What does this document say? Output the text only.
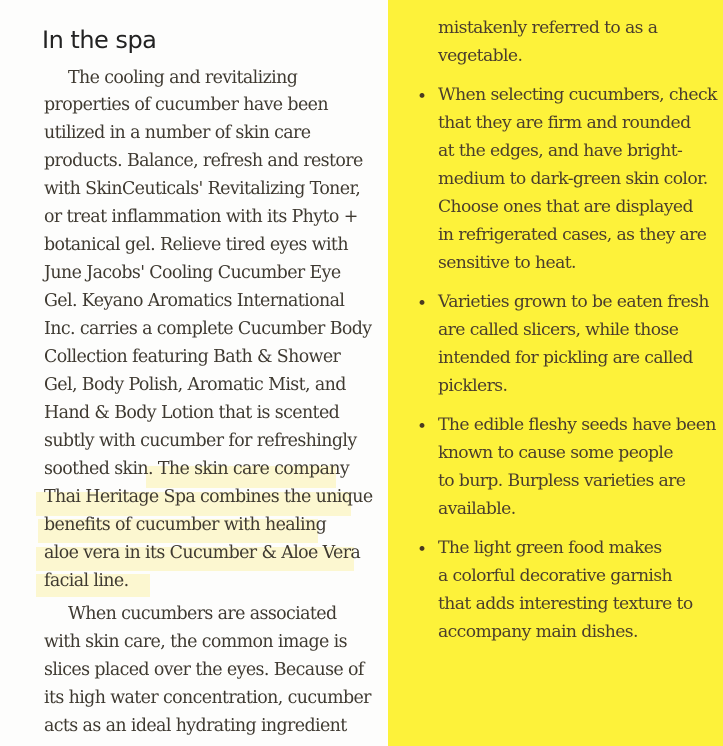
In the spa
The cooling and revitalizing
properties of cucumber have been
utilized in a number of skin care
products. Balance, refresh and restore
with SkinCeuticals' Revitalizing Toner,
or treat inflammation with its Phyto +
botanical gel. Relieve tired eyes with
June Jacobs' Cooling Cucumber Eye
Gel. Keyano Aromatics International
Inc. carries a complete Cucumber Body
Collection featuring Bath & Shower
Gel, Body Polish, Aromatic Mist, and
Hand & Body Lotion that is scented
subtly with cucumber for refreshingly
soothed skin. The skin care company
Thai Heritage Spa combines the unique
benefits of cucumber with healing
aloe vera in its Cucumber & Aloe Vera
facial line.
When cucumbers are associated
with skin care, the common image is
slices placed over the eyes. Because of
its high water concentration, cucumber
acts as an ideal hydrating ingredient
mistakenly referred to as a
vegetable.
• When selecting cucumbers, check
that they are firm and rounded
at the edges, and have bright-
medium to dark-green skin color.
Choose ones that are displayed
in refrigerated cases, as they are
sensitive to heat.
• Varieties grown to be eaten fresh
are called slicers, while those
intended for pickling are called
picklers.
• The edible fleshy seeds have been
known to cause some people
to burp. Burpless varieties are
available.
• The light green food makes
a colorful decorative garnish
that adds interesting texture to
accompany main dishes.
